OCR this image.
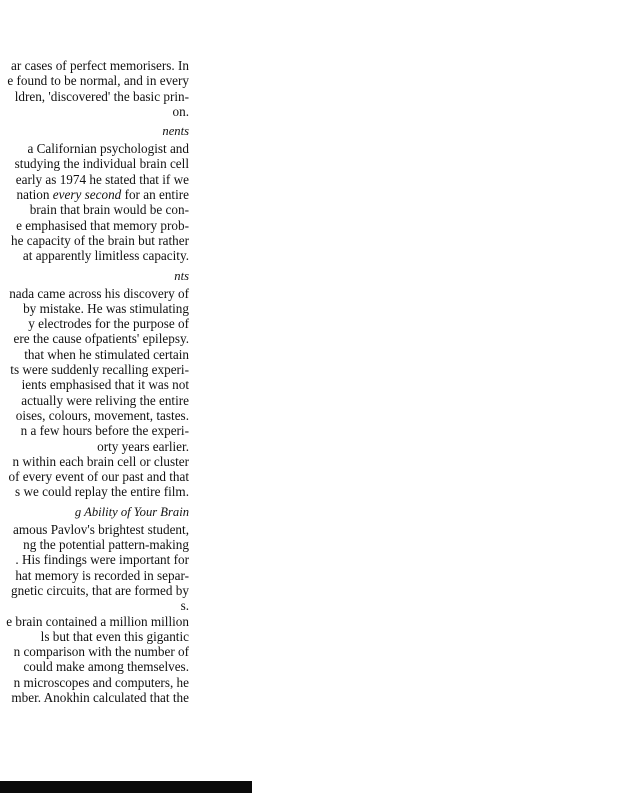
ar cases of perfect memorisers. In
e found to be normal, and in every
ldren, 'discovered' the basic prin-
on.
nents
a Californian psychologist and
studying the individual brain cell
early as 1974 he stated that if we
nation every second for an entire
brain that brain would be con-
e emphasised that memory prob-
he capacity of the brain but rather
at apparently limitless capacity.
nts
nada came across his discovery of
by mistake. He was stimulating
y electrodes for the purpose of
ere the cause ofpatients' epilepsy.
that when he stimulated certain
ts were suddenly recalling experi-
ients emphasised that it was not
actually were reliving the entire
oises, colours, movement, tastes.
n a few hours before the experi-
orty years earlier.
n within each brain cell or cluster
of every event of our past and that
s we could replay the entire film.
g Ability of Your Brain
amous Pavlov's brightest student,
ng the potential pattern-making
. His findings were important for
hat memory is recorded in separ-
gnetic circuits, that are formed by
s.
e brain contained a million million
ls but that even this gigantic
n comparison with the number of
could make among themselves.
n microscopes and computers, he
mber. Anokhin calculated that the
